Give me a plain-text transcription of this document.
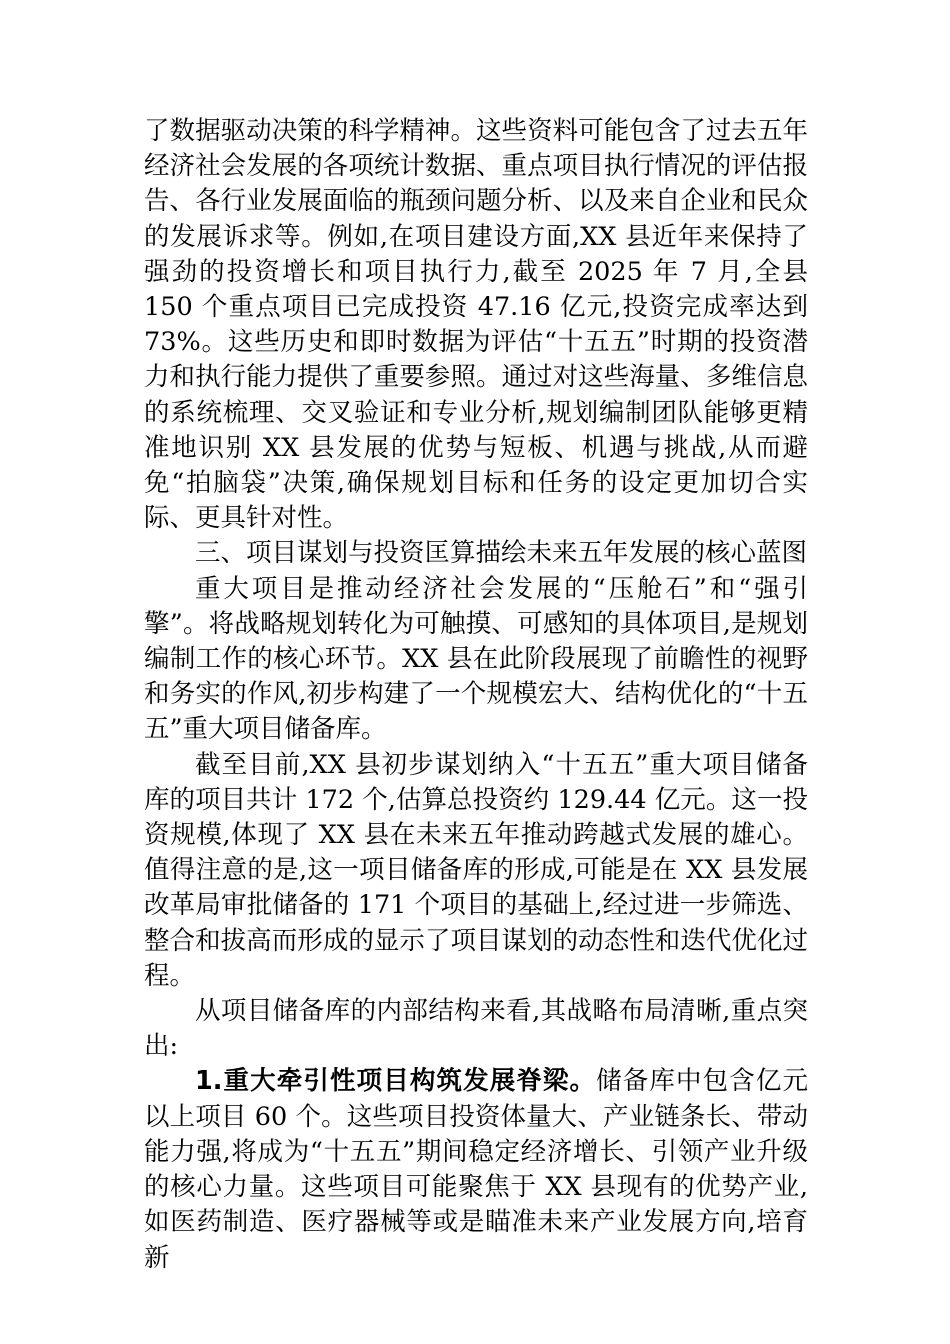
了数据驱动决策的科学精神。这些资料可能包含了过去五年经济社会发展的各项统计数据、重点项目执行情况的评估报告、各行业发展面临的瓶颈问题分析、以及来自企业和民众的发展诉求等。例如,在项目建设方面,XX 县近年来保持了强劲的投资增长和项目执行力,截至 2025 年 7 月,全县 150 个重点项目已完成投资 47.16 亿元,投资完成率达到 73%。这些历史和即时数据为评估“十五五”时期的投资潜力和执行能力提供了重要参照。通过对这些海量、多维信息的系统梳理、交叉验证和专业分析,规划编制团队能够更精准地识别 XX 县发展的优势与短板、机遇与挑战,从而避免“拍脑袋”决策,确保规划目标和任务的设定更加切合实际、更具针对性。

三、项目谋划与投资匡算描绘未来五年发展的核心蓝图

重大项目是推动经济社会发展的“压舱石”和“强引擎”。将战略规划转化为可触摸、可感知的具体项目,是规划编制工作的核心环节。XX 县在此阶段展现了前瞻性的视野和务实的作风,初步构建了一个规模宏大、结构优化的“十五五”重大项目储备库。

截至目前,XX 县初步谋划纳入“十五五”重大项目储备库的项目共计 172 个,估算总投资约 129.44 亿元。这一投资规模,体现了 XX 县在未来五年推动跨越式发展的雄心。值得注意的是,这一项目储备库的形成,可能是在 XX 县发展改革局审批储备的 171 个项目的基础上,经过进一步筛选、整合和拔高而形成的显示了项目谋划的动态性和迭代优化过程。

从项目储备库的内部结构来看,其战略布局清晰,重点突出:

1.重大牵引性项目构筑发展脊梁。储备库中包含亿元以上项目 60 个。这些项目投资体量大、产业链条长、带动能力强,将成为“十五五”期间稳定经济增长、引领产业升级的核心力量。这些项目可能聚焦于 XX 县现有的优势产业,如医药制造、医疗器械等或是瞄准未来产业发展方向,培育新
